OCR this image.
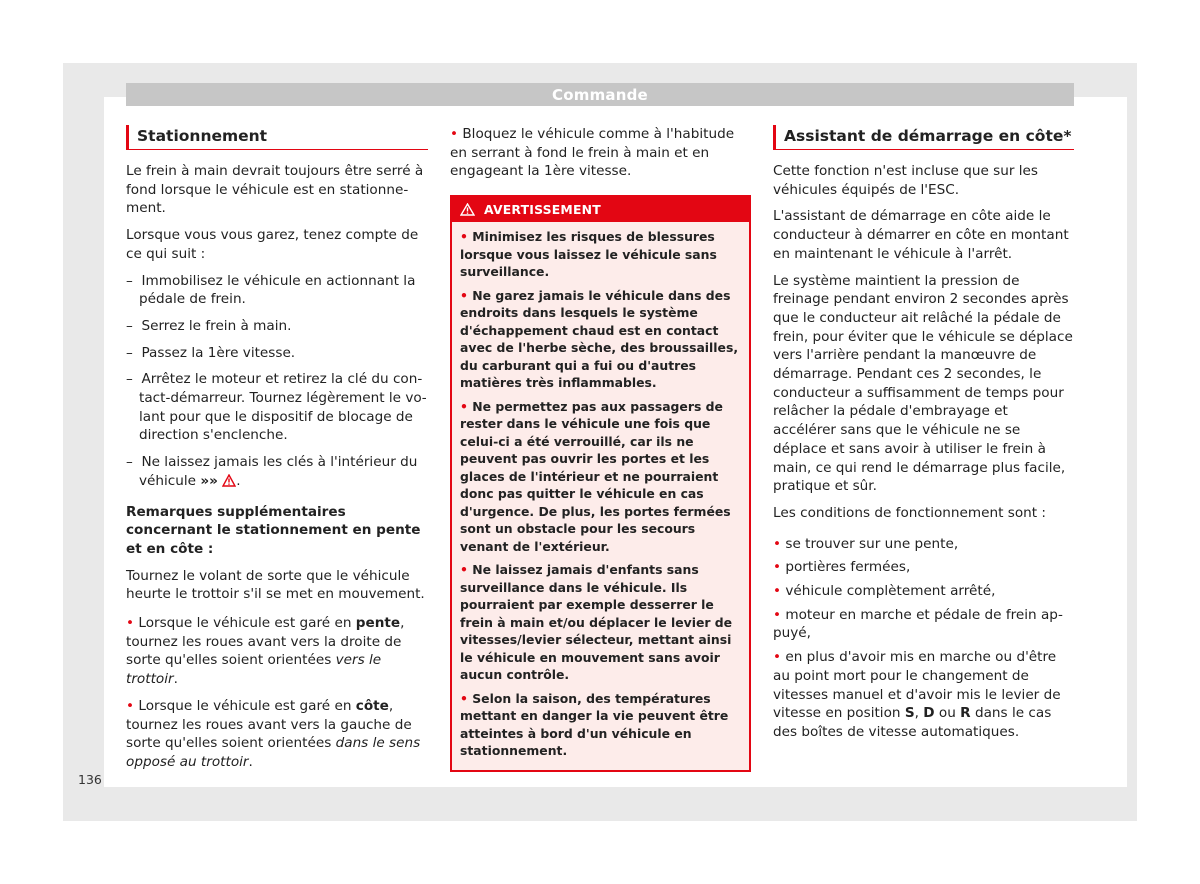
Commande
Stationnement

Le frein à main devrait toujours être serré à fond lorsque le véhicule est en stationnement.

Lorsque vous vous garez, tenez compte de ce qui suit :

–  Immobilisez le véhicule en actionnant la pédale de frein.
–  Serrez le frein à main.
–  Passez la 1ère vitesse.
–  Arrêtez le moteur et retirez la clé du contact-démarreur. Tournez légèrement le volant pour que le dispositif de blocage de direction s'enclenche.
–  Ne laissez jamais les clés à l'intérieur du véhicule »» .

Remarques supplémentaires concernant le stationnement en pente et en côte :

Tournez le volant de sorte que le véhicule heurte le trottoir s'il se met en mouvement.

• Lorsque le véhicule est garé en pente, tournez les roues avant vers la droite de sorte qu'elles soient orientées vers le trottoir.

• Lorsque le véhicule est garé en côte, tournez les roues avant vers la gauche de sorte qu'elles soient orientées dans le sens opposé au trottoir.

• Bloquez le véhicule comme à l'habitude en serrant à fond le frein à main et en engageant la 1ère vitesse.

AVERTISSEMENT
• Minimisez les risques de blessures lorsque vous laissez le véhicule sans surveillance.
• Ne garez jamais le véhicule dans des endroits dans lesquels le système d'échappement chaud est en contact avec de l'herbe sèche, des broussailles, du carburant qui a fui ou d'autres matières très inflammables.
• Ne permettez pas aux passagers de rester dans le véhicule une fois que celui-ci a été verrouillé, car ils ne peuvent pas ouvrir les portes et les glaces de l'intérieur et ne pourraient donc pas quitter le véhicule en cas d'urgence. De plus, les portes fermées sont un obstacle pour les secours venant de l'extérieur.
• Ne laissez jamais d'enfants sans surveillance dans le véhicule. Ils pourraient par exemple desserrer le frein à main et/ou déplacer le levier de vitesses/levier sélecteur, mettant ainsi le véhicule en mouvement sans avoir aucun contrôle.
• Selon la saison, des températures mettant en danger la vie peuvent être atteintes à bord d'un véhicule en stationnement.
Assistant de démarrage en côte*

Cette fonction n'est incluse que sur les véhicules équipés de l'ESC.

L'assistant de démarrage en côte aide le conducteur à démarrer en côte en montant en maintenant le véhicule à l'arrêt.

Le système maintient la pression de freinage pendant environ 2 secondes après que le conducteur ait relâché la pédale de frein, pour éviter que le véhicule se déplace vers l'arrière pendant la manœuvre de démarrage. Pendant ces 2 secondes, le conducteur a suffisamment de temps pour relâcher la pédale d'embrayage et accélérer sans que le véhicule ne se déplace et sans avoir à utiliser le frein à main, ce qui rend le démarrage plus facile, pratique et sûr.

Les conditions de fonctionnement sont :

• se trouver sur une pente,

• portières fermées,

• véhicule complètement arrêté,

• moteur en marche et pédale de frein appuyé,

• en plus d'avoir mis en marche ou d'être au point mort pour le changement de vitesses manuel et d'avoir mis le levier de vitesse en position S, D ou R dans le cas des boîtes de vitesse automatiques.

136
